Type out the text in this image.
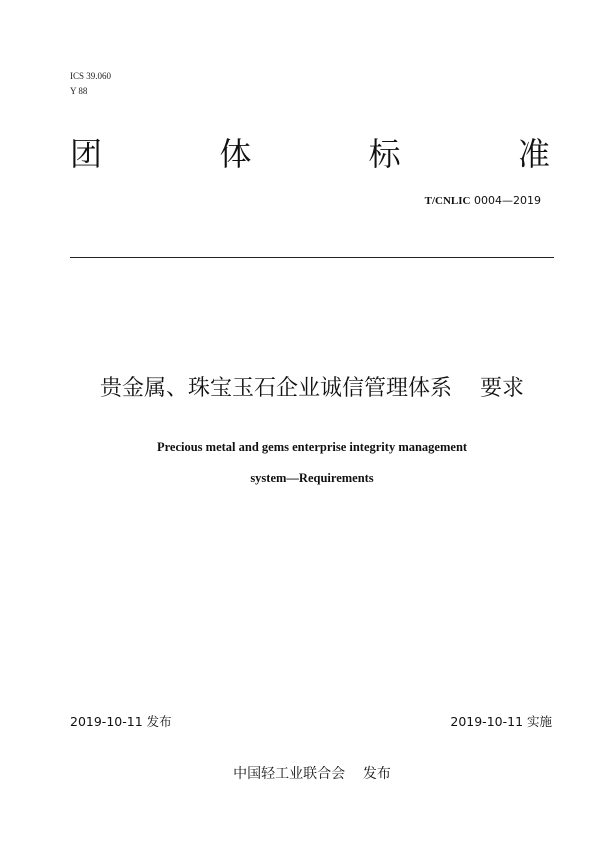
ICS 39.060
Y 88
团	体	标	准
T/CNLIC 0004—2019
贵金属、珠宝玉石企业诚信管理体系    要求
Precious metal and gems enterprise integrity management
system—Requirements
2019-10-11 发布	2019-10-11 实施
中国轻工业联合会    发布
